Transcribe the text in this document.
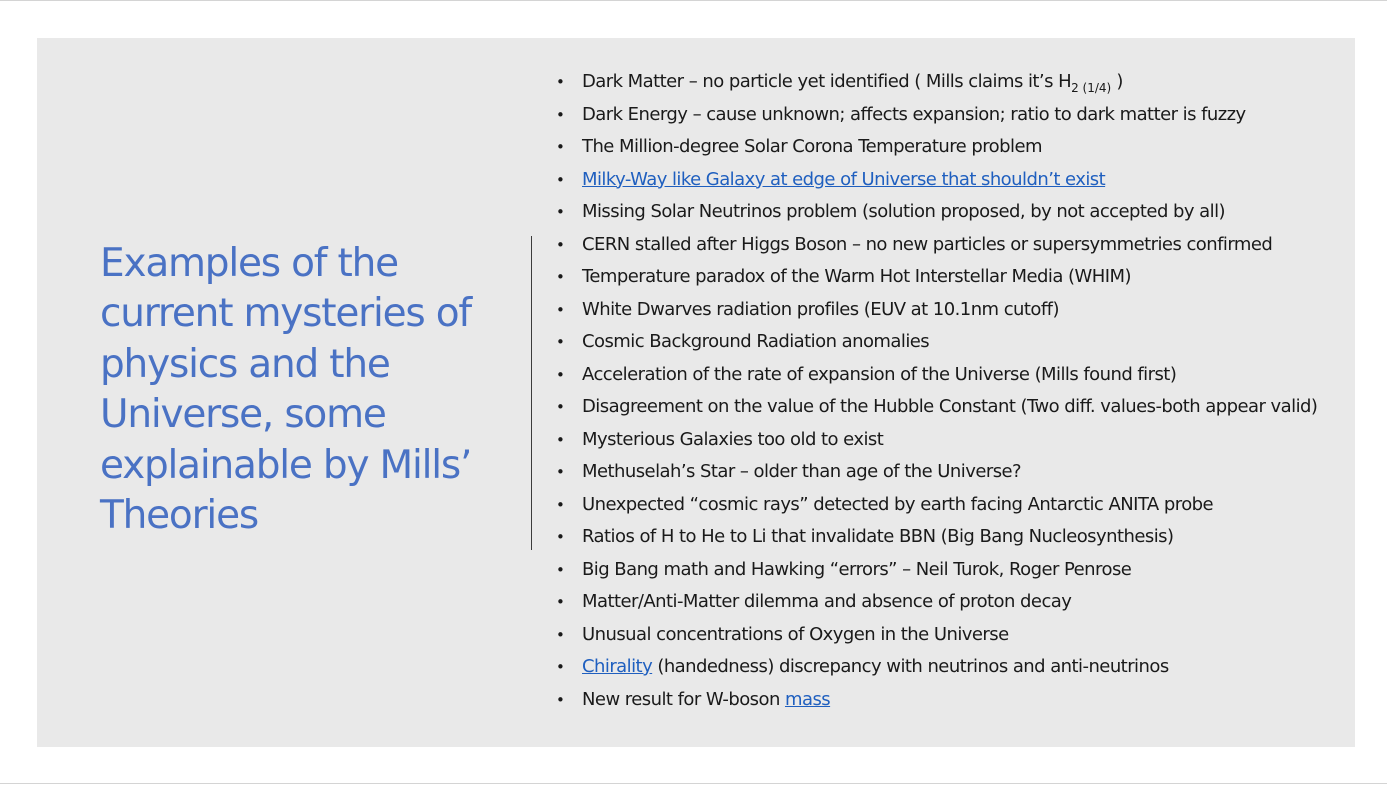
Examples of the current mysteries of physics and the Universe, some explainable by Mills’ Theories
• Dark Matter – no particle yet identified ( Mills claims it’s $H_{2 (1/4)}$ )
• Dark Energy – cause unknown; affects expansion; ratio to dark matter is fuzzy
• The Million-degree Solar Corona Temperature problem
• Milky-Way like Galaxy at edge of Universe that shouldn’t exist
• Missing Solar Neutrinos problem (solution proposed, by not accepted by all)
• CERN stalled after Higgs Boson – no new particles or supersymmetries confirmed
• Temperature paradox of the Warm Hot Interstellar Media (WHIM)
• White Dwarves radiation profiles (EUV at 10.1nm cutoff)
• Cosmic Background Radiation anomalies
• Acceleration of the rate of expansion of the Universe (Mills found first)
• Disagreement on the value of the Hubble Constant (Two diff. values-both appear valid)
• Mysterious Galaxies too old to exist
• Methuselah’s Star – older than age of the Universe?
• Unexpected “cosmic rays” detected by earth facing Antarctic ANITA probe
• Ratios of H to He to Li that invalidate BBN (Big Bang Nucleosynthesis)
• Big Bang math and Hawking “errors” – Neil Turok, Roger Penrose
• Matter/Anti-Matter dilemma and absence of proton decay
• Unusual concentrations of Oxygen in the Universe
• Chirality (handedness) discrepancy with neutrinos and anti-neutrinos
• New result for W-boson mass
